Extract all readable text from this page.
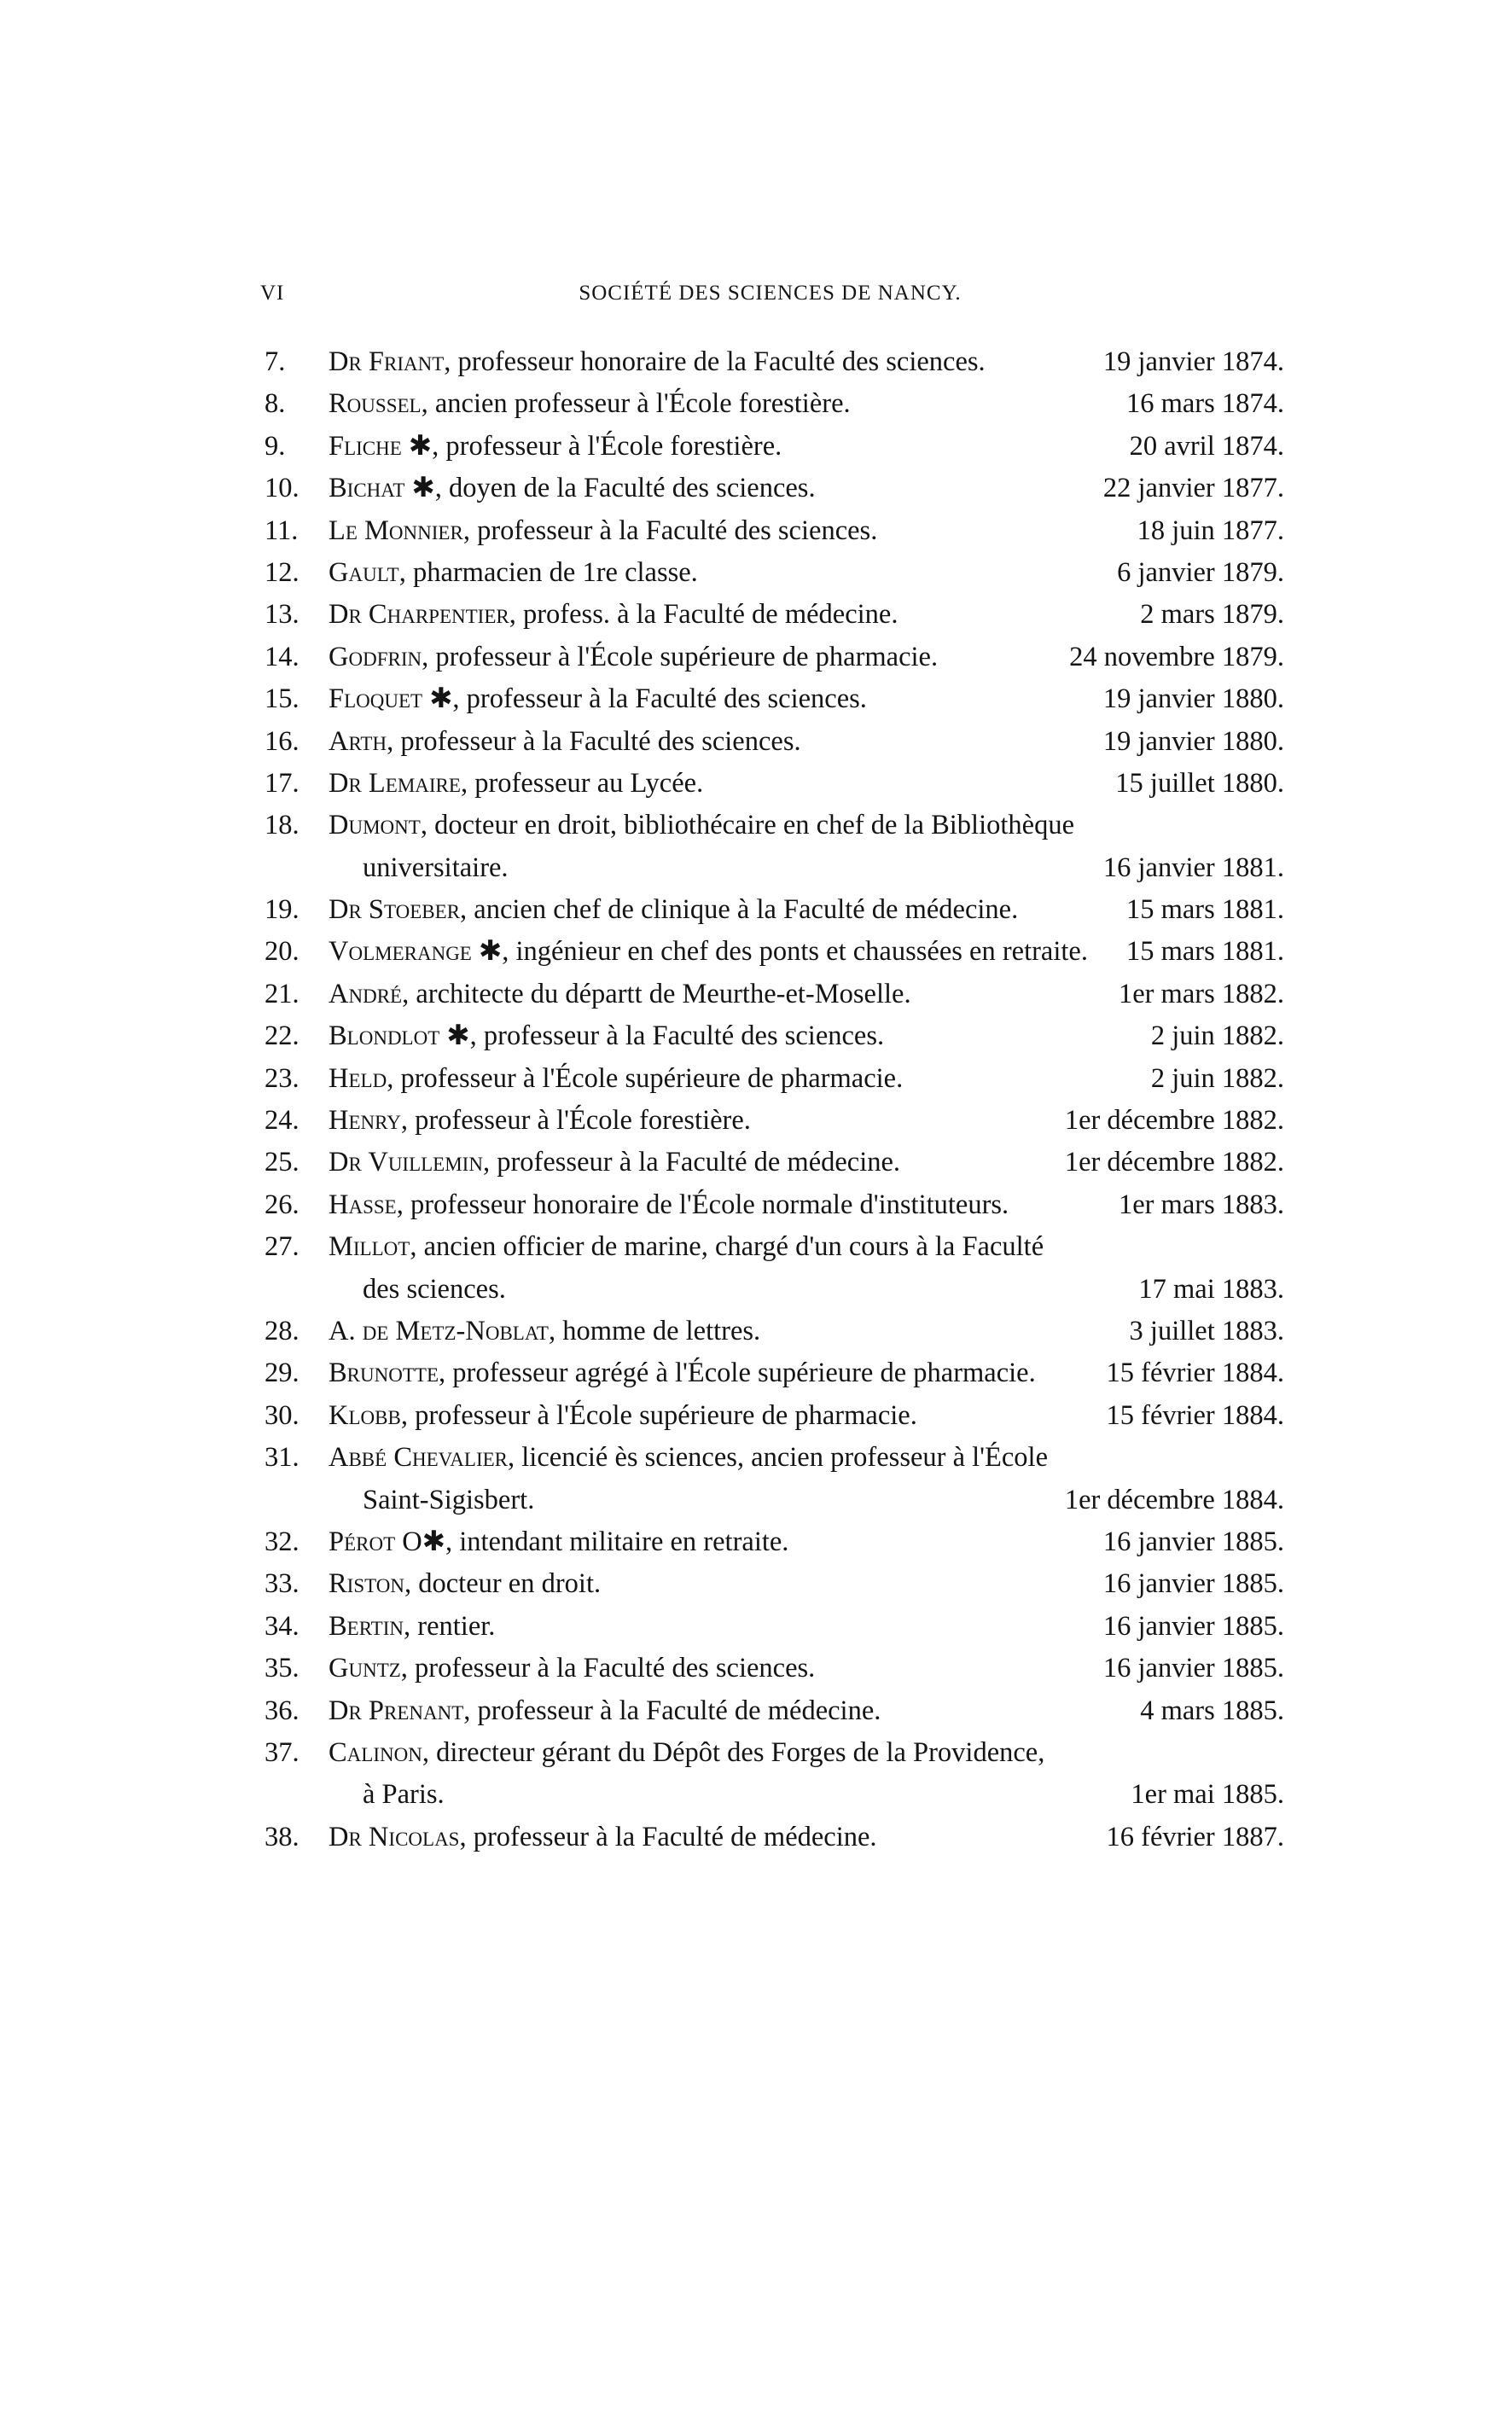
VI	SOCIÉTÉ DES SCIENCES DE NANCY.
7.	Dr Friant, professeur honoraire de la Faculté des sciences.	19 janvier 1874.
8.	Roussel, ancien professeur à l'École forestière.	16 mars 1874.
9.	Fliche ✱, professeur à l'École forestière.	20 avril 1874.
10.	Bichat ✱, doyen de la Faculté des sciences.	22 janvier 1877.
11.	Le Monnier, professeur à la Faculté des sciences.	18 juin 1877.
12.	Gault, pharmacien de 1re classe.	6 janvier 1879.
13.	Dr Charpentier, profess. à la Faculté de médecine.	2 mars 1879.
14.	Godfrin, professeur à l'École supérieure de pharmacie.	24 novembre 1879.
15.	Floquet ✱, professeur à la Faculté des sciences.	19 janvier 1880.
16.	Arth, professeur à la Faculté des sciences.	19 janvier 1880.
17.	Dr Lemaire, professeur au Lycée.	15 juillet 1880.
18.	Dumont, docteur en droit, bibliothécaire en chef de la Bibliothèque
universitaire.	16 janvier 1881.
19.	Dr Stoeber, ancien chef de clinique à la Faculté de médecine.	15 mars 1881.
20.	Volmerange ✱, ingénieur en chef des ponts et chaussées en retraite. 15 mars 1881.
21.	André, architecte du départt de Meurthe-et-Moselle.	1er mars 1882.
22.	Blondlot ✱, professeur à la Faculté des sciences.	2 juin 1882.
23.	Held, professeur à l'École supérieure de pharmacie.	2 juin 1882.
24.	Henry, professeur à l'École forestière.	1er décembre 1882.
25.	Dr Vuillemin, professeur à la Faculté de médecine.	1er décembre 1882.
26.	Hasse, professeur honoraire de l'École normale d'instituteurs.	1er mars 1883.
27.	Millot, ancien officier de marine, chargé d'un cours à la Faculté
des sciences.	17 mai 1883.
28.	A. de Metz-Noblat, homme de lettres.	3 juillet 1883.
29.	Brunotte, professeur agrégé à l'École supérieure de pharmacie.	15 février 1884.
30.	Klobb, professeur à l'École supérieure de pharmacie.	15 février 1884.
31.	Abbé Chevalier, licencié ès sciences, ancien professeur à l'École
Saint-Sigisbert.	1er décembre 1884.
32.	Pérot O✱, intendant militaire en retraite.	16 janvier 1885.
33.	Riston, docteur en droit.	16 janvier 1885.
34.	Bertin, rentier.	16 janvier 1885.
35.	Guntz, professeur à la Faculté des sciences.	16 janvier 1885.
36.	Dr Prenant, professeur à la Faculté de médecine.	4 mars 1885.
37.	Calinon, directeur gérant du Dépôt des Forges de la Providence,
à Paris.	1er mai 1885.
38.	Dr Nicolas, professeur à la Faculté de médecine.	16 février 1887.
